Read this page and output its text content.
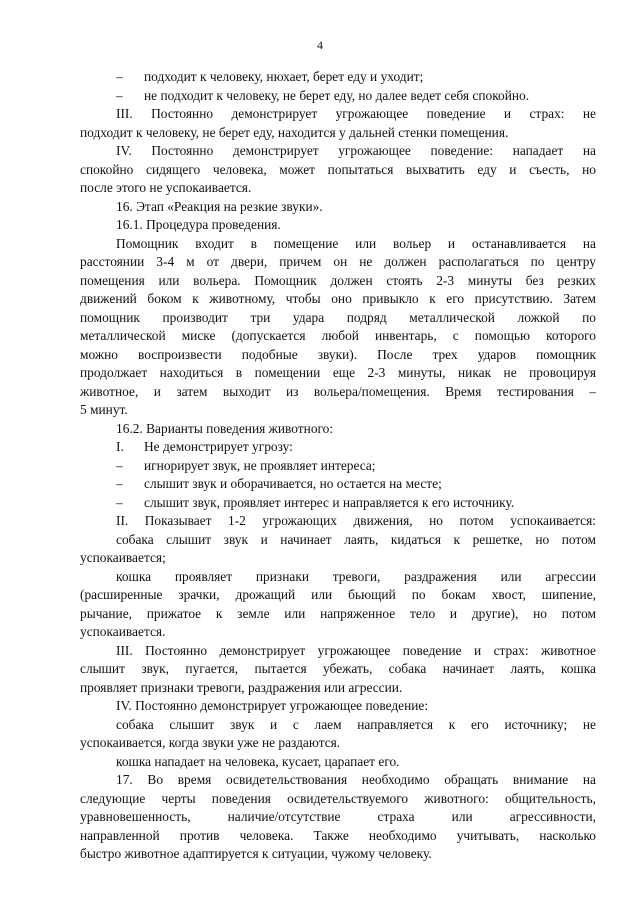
4
–	подходит к человеку, нюхает, берет еду и уходит;
–	не подходит к человеку, не берет еду, но далее ведет себя спокойно.
III. Постоянно демонстрирует угрожающее поведение и страх: не
подходит к человеку, не берет еду, находится у дальней стенки помещения.
IV. Постоянно демонстрирует угрожающее поведение: нападает на
спокойно сидящего человека, может попытаться выхватить еду и съесть, но
после этого не успокаивается.
16. Этап «Реакция на резкие звуки».
16.1. Процедура проведения.
Помощник входит в помещение или вольер и останавливается на
расстоянии 3-4 м от двери, причем он не должен располагаться по центру
помещения или вольера. Помощник должен стоять 2-3 минуты без резких
движений боком к животному, чтобы оно привыкло к его присутствию. Затем
помощник производит три удара подряд металлической ложкой по
металлической миске (допускается любой инвентарь, с помощью которого
можно воспроизвести подобные звуки). После трех ударов помощник
продолжает находиться в помещении еще 2-3 минуты, никак не провоцируя
животное, и затем выходит из вольера/помещения. Время тестирования –
5 минут.
16.2. Варианты поведения животного:
I.	Не демонстрирует угрозу:
–	игнорирует звук, не проявляет интереса;
–	слышит звук и оборачивается, но остается на месте;
–	слышит звук, проявляет интерес и направляется к его источнику.
II. Показывает 1-2 угрожающих движения, но потом успокаивается:
собака слышит звук и начинает лаять, кидаться к решетке, но потом
успокаивается;
кошка проявляет признаки тревоги, раздражения или агрессии
(расширенные зрачки, дрожащий или бьющий по бокам хвост, шипение,
рычание, прижатое к земле или напряженное тело и другие), но потом
успокаивается.
III. Постоянно демонстрирует угрожающее поведение и страх: животное
слышит звук, пугается, пытается убежать, собака начинает лаять, кошка
проявляет признаки тревоги, раздражения или агрессии.
IV. Постоянно демонстрирует угрожающее поведение:
собака слышит звук и с лаем направляется к его источнику; не
успокаивается, когда звуки уже не раздаются.
кошка нападает на человека, кусает, царапает его.
17. Во время освидетельствования необходимо обращать внимание на
следующие черты поведения освидетельствуемого животного: общительность,
уравновешенность, наличие/отсутствие страха или агрессивности,
направленной против человека. Также необходимо учитывать, насколько
быстро животное адаптируется к ситуации, чужому человеку.
